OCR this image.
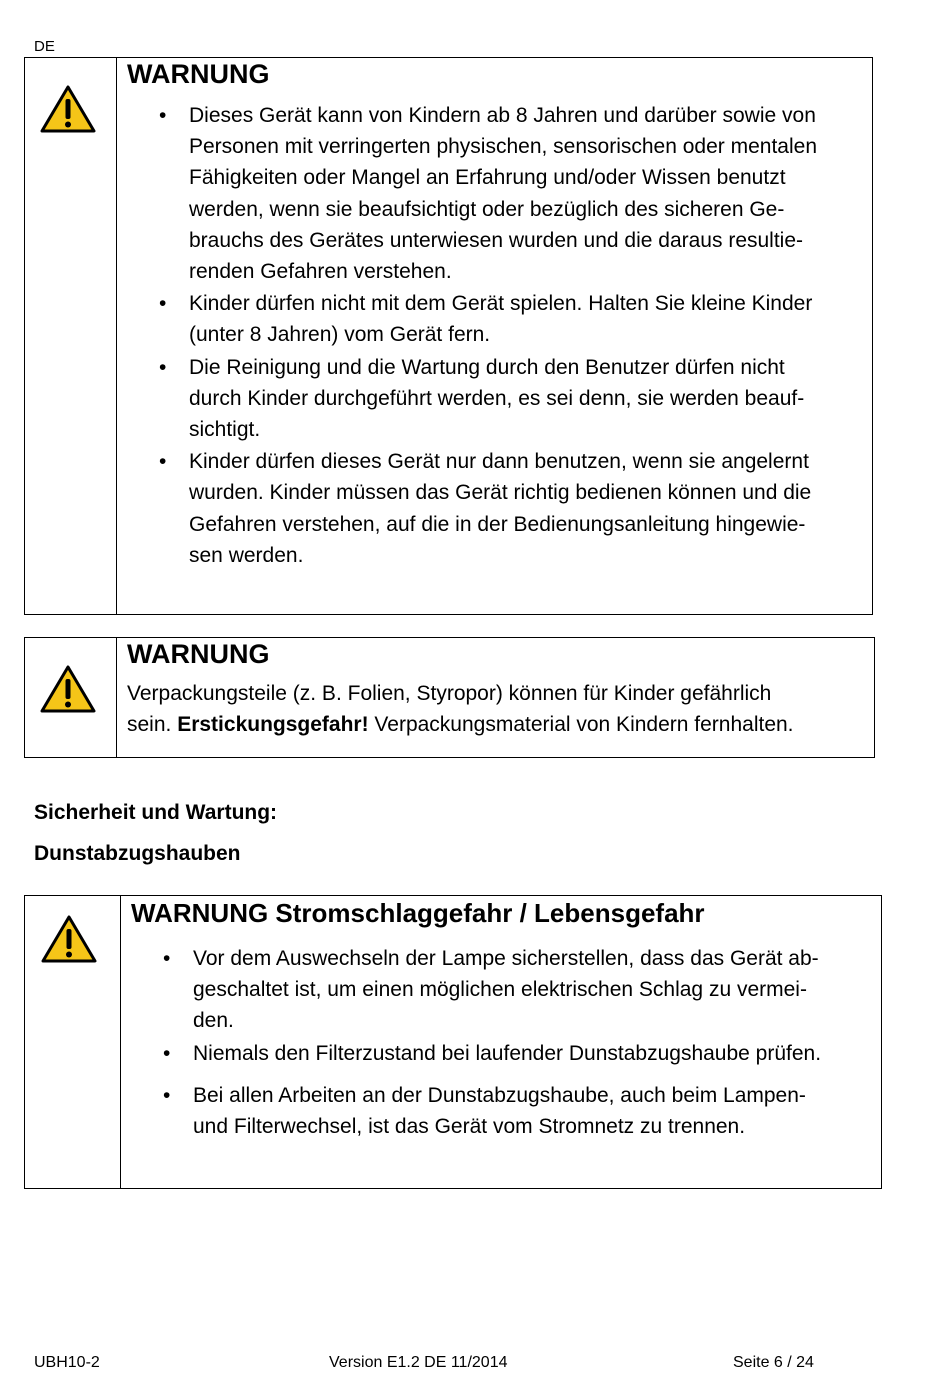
DE
WARNUNG
• Dieses Gerät kann von Kindern ab 8 Jahren und darüber sowie von
Personen mit verringerten physischen, sensorischen oder mentalen
Fähigkeiten oder Mangel an Erfahrung und/oder Wissen benutzt
werden, wenn sie beaufsichtigt oder bezüglich des sicheren Ge-
brauchs des Gerätes unterwiesen wurden und die daraus resultie-
renden Gefahren verstehen.
• Kinder dürfen nicht mit dem Gerät spielen. Halten Sie kleine Kinder
(unter 8 Jahren) vom Gerät fern.
• Die Reinigung und die Wartung durch den Benutzer dürfen nicht
durch Kinder durchgeführt werden, es sei denn, sie werden beauf-
sichtigt.
• Kinder dürfen dieses Gerät nur dann benutzen, wenn sie angelernt
wurden. Kinder müssen das Gerät richtig bedienen können und die
Gefahren verstehen, auf die in der Bedienungsanleitung hingewie-
sen werden.
WARNUNG

Verpackungsteile (z. B. Folien, Styropor) können für Kinder gefährlich
sein. Erstickungsgefahr! Verpackungsmaterial von Kindern fernhalten.

Sicherheit und Wartung:
Dunstabzugshauben
WARNUNG Stromschlaggefahr / Lebensgefahr
• Vor dem Auswechseln der Lampe sicherstellen, dass das Gerät ab-
geschaltet ist, um einen möglichen elektrischen Schlag zu vermei-
den.
• Niemals den Filterzustand bei laufender Dunstabzugshaube prüfen.
• Bei allen Arbeiten an der Dunstabzugshaube, auch beim Lampen-
und Filterwechsel, ist das Gerät vom Stromnetz zu trennen.
UBH10-2	Version E1.2 DE 11/2014	Seite 6 / 24
